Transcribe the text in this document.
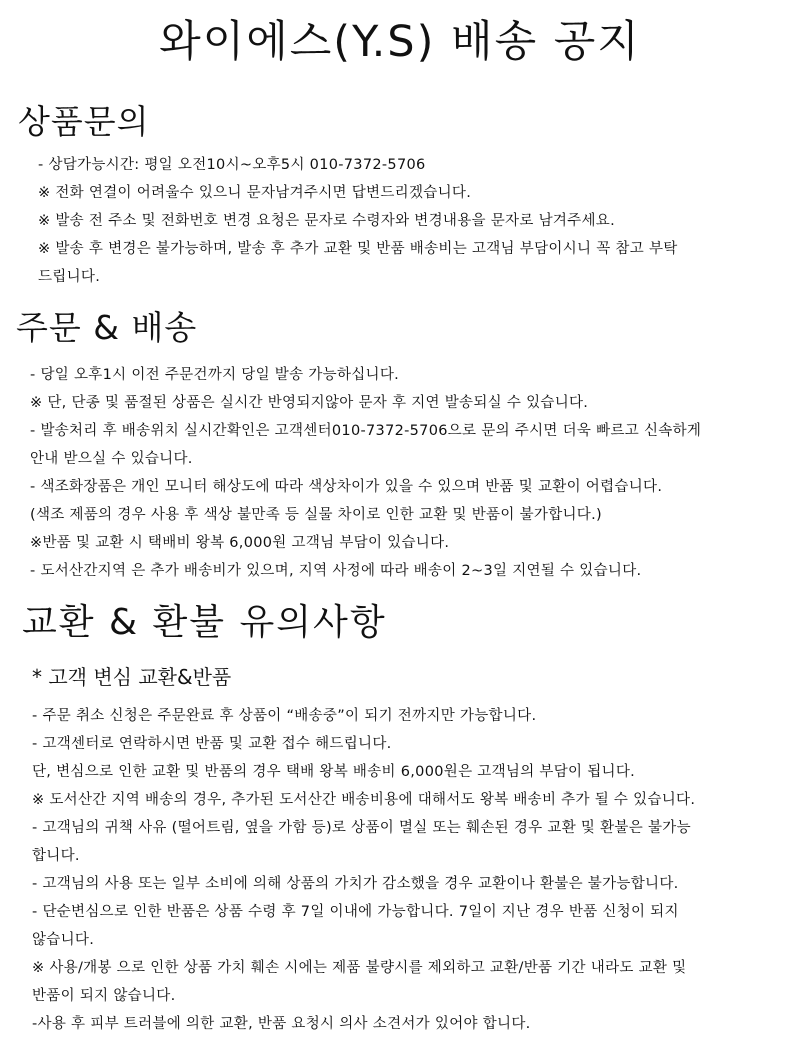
와이에스(Y.S) 배송 공지
상품문의

- 상담가능시간: 평일 오전10시~오후5시 010-7372-5706

※ 전화 연결이 어려울수 있으니 문자남겨주시면 답변드리겠습니다.

※ 발송 전 주소 및 전화번호 변경 요청은 문자로 수령자와 변경내용을 문자로 남겨주세요.

※ 발송 후 변경은 불가능하며, 발송 후 추가 교환 및 반품 배송비는 고객님 부담이시니 꼭 참고 부탁

드립니다.

주문 & 배송

- 당일 오후1시 이전 주문건까지 당일 발송 가능하십니다.

※ 단, 단종 및 품절된 상품은 실시간 반영되지않아 문자 후 지연 발송되실 수 있습니다.

- 발송처리 후 배송위치 실시간확인은 고객센터010-7372-5706으로 문의 주시면 더욱 빠르고 신속하게

안내 받으실 수 있습니다.

- 색조화장품은 개인 모니터 해상도에 따라 색상차이가 있을 수 있으며 반품 및 교환이 어렵습니다.

(색조 제품의 경우 사용 후 색상 불만족 등 실물 차이로 인한 교환 및 반품이 불가합니다.)

※반품 및 교환 시 택배비 왕복 6,000원 고객님 부담이 있습니다.

- 도서산간지역 은 추가 배송비가 있으며, 지역 사정에 따라 배송이 2~3일 지연될 수 있습니다.

교환 & 환불 유의사항

* 고객 변심 교환&반품

- 주문 취소 신청은 주문완료 후 상품이 “배송중”이 되기 전까지만 가능합니다.

- 고객센터로 연락하시면 반품 및 교환 접수 해드립니다.

단, 변심으로 인한 교환 및 반품의 경우 택배 왕복 배송비 6,000원은 고객님의 부담이 됩니다.

※ 도서산간 지역 배송의 경우, 추가된 도서산간 배송비용에 대해서도 왕복 배송비 추가 될 수 있습니다.

- 고객님의 귀책 사유 (떨어트림, 옆을 가함 등)로 상품이 멸실 또는 훼손된 경우 교환 및 환불은 불가능

합니다.

- 고객님의 사용 또는 일부 소비에 의해 상품의 가치가 감소했을 경우 교환이나 환불은 불가능합니다.

- 단순변심으로 인한 반품은 상품 수령 후 7일 이내에 가능합니다. 7일이 지난 경우 반품 신청이 되지

않습니다.

※ 사용/개봉 으로 인한 상품 가치 훼손 시에는 제품 불량시를 제외하고 교환/반품 기간 내라도 교환 및

반품이 되지 않습니다.

-사용 후 피부 트러블에 의한 교환, 반품 요청시 의사 소견서가 있어야 합니다.
